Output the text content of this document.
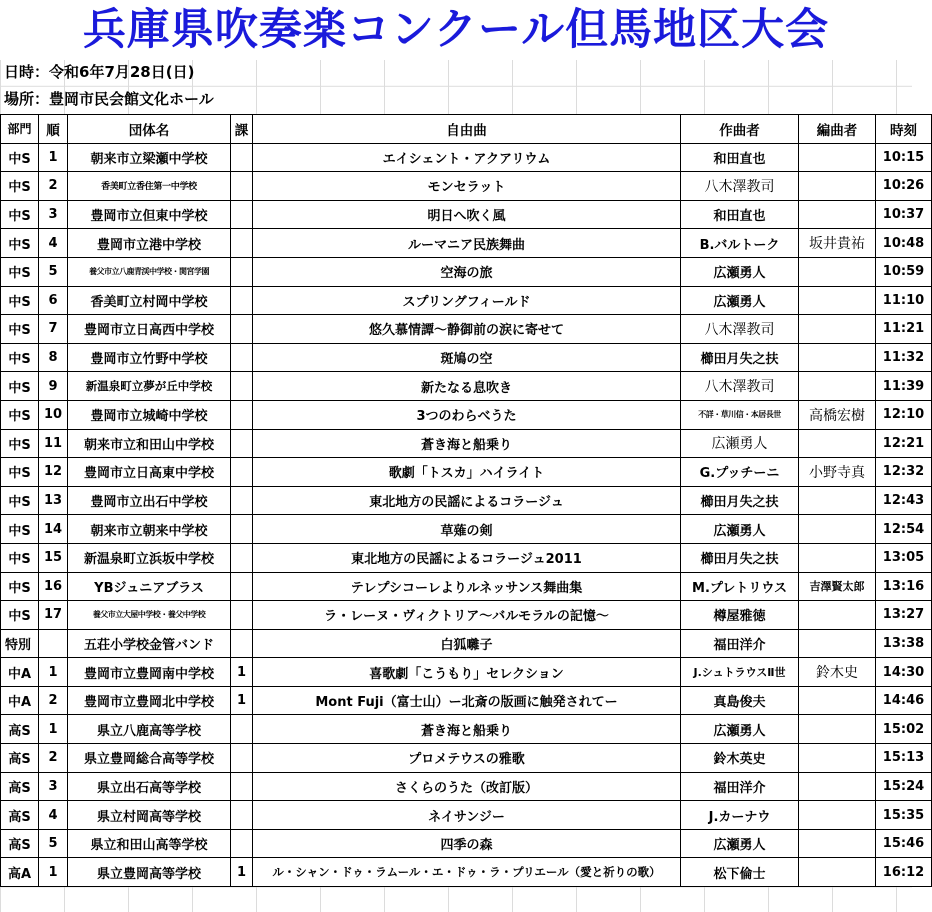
兵庫県吹奏楽コンクール但馬地区大会
日時：令和6年7月28日(日)
場所：豊岡市民会館文化ホール
部門	順	団体名	課	自由曲	作曲者	編曲者	時刻
中S	1	朝来市立梁瀬中学校		エイシェント・アクアリウム	和田直也		10:15
中S	2	香美町立香住第一中学校		モンセラット	八木澤教司		10:26
中S	3	豊岡市立但東中学校		明日へ吹く風	和田直也		10:37
中S	4	豊岡市立港中学校		ルーマニア民族舞曲	B.バルトーク	坂井貴祐	10:48
中S	5	養父市立八鹿青渓中学校・関宮学園		空海の旅	広瀬勇人		10:59
中S	6	香美町立村岡中学校		スプリングフィールド	広瀬勇人		11:10
中S	7	豊岡市立日高西中学校		悠久慕情譚～静御前の涙に寄せて	八木澤教司		11:21
中S	8	豊岡市立竹野中学校		斑鳩の空	櫛田月失之扶		11:32
中S	9	新温泉町立夢が丘中学校		新たなる息吹き	八木澤教司		11:39
中S	10	豊岡市立城崎中学校		3つのわらべうた	不詳・草川信・本居長世	高橋宏樹	12:10
中S	11	朝来市立和田山中学校		蒼き海と船乗り	広瀬勇人		12:21
中S	12	豊岡市立日高東中学校		歌劇「トスカ」ハイライト	G.プッチーニ	小野寺真	12:32
中S	13	豊岡市立出石中学校		東北地方の民謡によるコラージュ	櫛田月失之扶		12:43
中S	14	朝来市立朝来中学校		草薙の剣	広瀬勇人		12:54
中S	15	新温泉町立浜坂中学校		東北地方の民謡によるコラージュ2011	櫛田月失之扶		13:05
中S	16	YBジュニアブラス		テレプシコーレよりルネッサンス舞曲集	M.プレトリウス	吉澤賢太郎	13:16
中S	17	養父市立大屋中学校・養父中学校		ラ・レーヌ・ヴィクトリア～バルモラルの記憶～	樽屋雅徳		13:27
特別		五荘小学校金管バンド		白狐囃子	福田洋介		13:38
中A	1	豊岡市立豊岡南中学校	1	喜歌劇「こうもり」セレクション	J.シュトラウスⅡ世	鈴木史	14:30
中A	2	豊岡市立豊岡北中学校	1	Mont Fuji（富士山）ー北斎の版画に触発されてー	真島俊夫		14:46
高S	1	県立八鹿高等学校		蒼き海と船乗り	広瀬勇人		15:02
高S	2	県立豊岡総合高等学校		プロメテウスの雅歌	鈴木英史		15:13
高S	3	県立出石高等学校		さくらのうた（改訂版）	福田洋介		15:24
高S	4	県立村岡高等学校		ネイサンジー	J.カーナウ		15:35
高S	5	県立和田山高等学校		四季の森	広瀬勇人		15:46
高A	1	県立豊岡高等学校	1	ル・シャン・ドゥ・ラムール・エ・ドゥ・ラ・プリエール（愛と祈りの歌）	松下倫士		16:12
